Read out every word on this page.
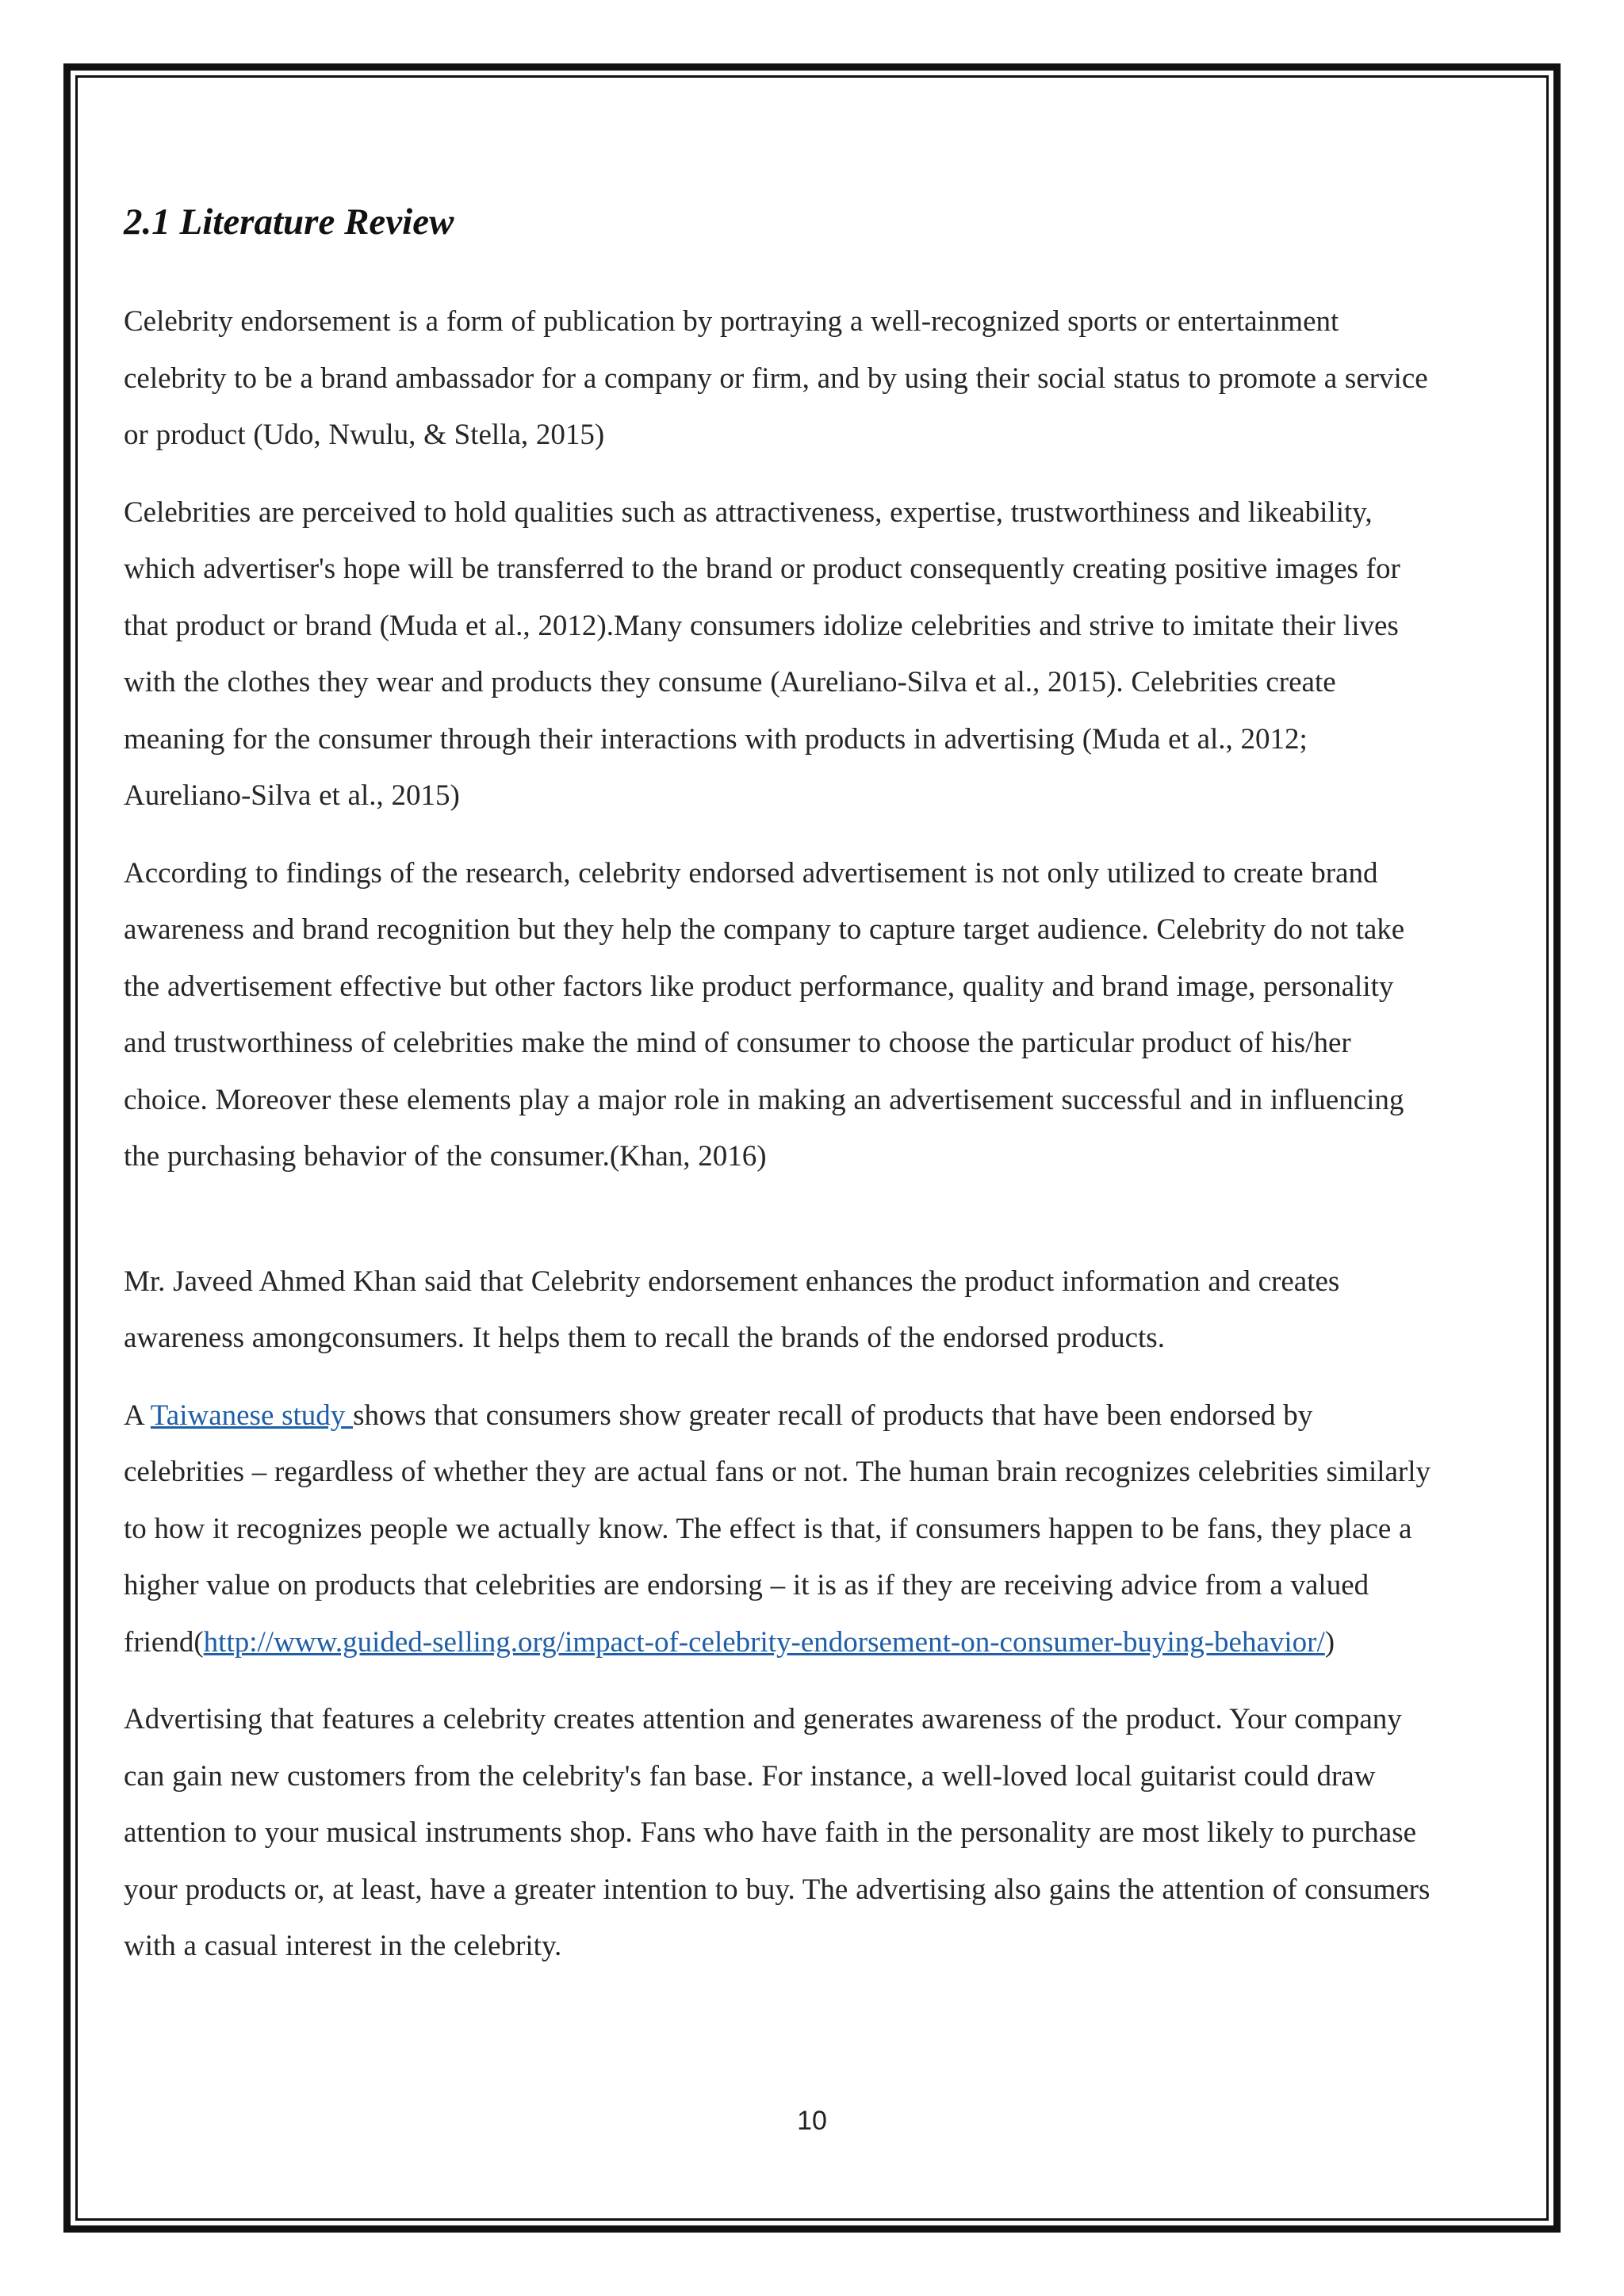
2.1 Literature Review

Celebrity endorsement is a form of publication by portraying a well-recognized sports or entertainment celebrity to be a brand ambassador for a company or firm, and by using their social status to promote a service or product (Udo, Nwulu, & Stella, 2015)

Celebrities are perceived to hold qualities such as attractiveness, expertise, trustworthiness and likeability, which advertiser's hope will be transferred to the brand or product consequently creating positive images for that product or brand (Muda et al., 2012).Many consumers idolize celebrities and strive to imitate their lives with the clothes they wear and products they consume (Aureliano-Silva et al., 2015). Celebrities create meaning for the consumer through their interactions with products in advertising (Muda et al., 2012; Aureliano-Silva et al., 2015)

According to findings of the research, celebrity endorsed advertisement is not only utilized to create brand awareness and brand recognition but they help the company to capture target audience. Celebrity do not take the advertisement effective but other factors like product performance, quality and brand image, personality and trustworthiness of celebrities make the mind of consumer to choose the particular product of his/her choice. Moreover these elements play a major role in making an advertisement successful and in influencing the purchasing behavior of the consumer.(Khan, 2016)

Mr. Javeed Ahmed Khan said that Celebrity endorsement enhances the product information and creates awareness amongconsumers. It helps them to recall the brands of the endorsed products.

A Taiwanese study shows that consumers show greater recall of products that have been endorsed by celebrities – regardless of whether they are actual fans or not. The human brain recognizes celebrities similarly to how it recognizes people we actually know. The effect is that, if consumers happen to be fans, they place a higher value on products that celebrities are endorsing – it is as if they are receiving advice from a valued friend(http://www.guided-selling.org/impact-of-celebrity-endorsement-on-consumer-buying-behavior/)

Advertising that features a celebrity creates attention and generates awareness of the product. Your company can gain new customers from the celebrity's fan base. For instance, a well-loved local guitarist could draw attention to your musical instruments shop. Fans who have faith in the personality are most likely to purchase your products or, at least, have a greater intention to buy. The advertising also gains the attention of consumers with a casual interest in the celebrity.

10
